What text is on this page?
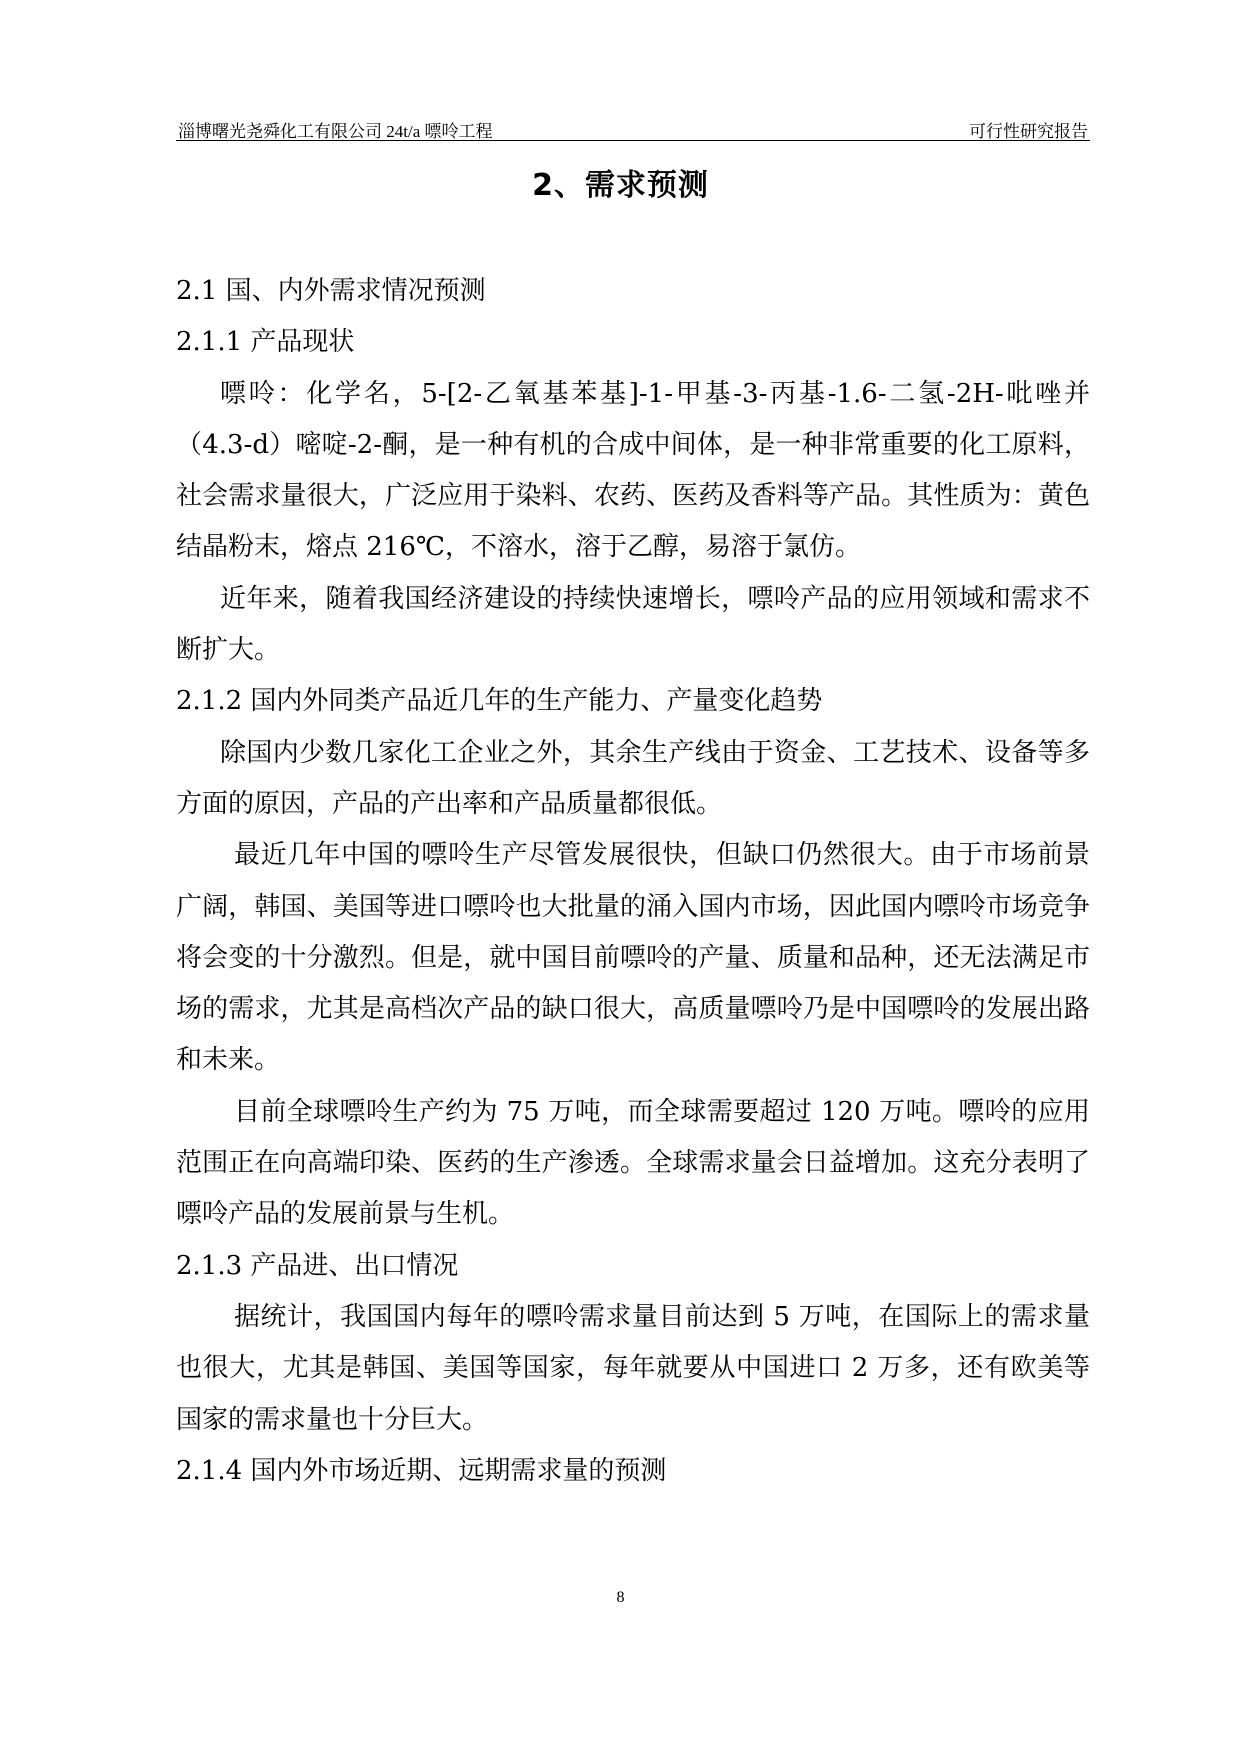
淄博曙光尧舜化工有限公司 24t/a 嘌呤工程	可行性研究报告
2、需求预测
2.1 国、内外需求情况预测
2.1.1 产品现状
嘌呤：化学名，5-[2-乙氧基苯基]-1-甲基-3-丙基-1.6-二氢-2H-吡唑并（4.3-d）嘧啶-2-酮，是一种有机的合成中间体，是一种非常重要的化工原料，社会需求量很大，广泛应用于染料、农药、医药及香料等产品。其性质为：黄色结晶粉末，熔点 216℃，不溶水，溶于乙醇，易溶于氯仿。
近年来，随着我国经济建设的持续快速增长，嘌呤产品的应用领域和需求不断扩大。
2.1.2 国内外同类产品近几年的生产能力、产量变化趋势
除国内少数几家化工企业之外，其余生产线由于资金、工艺技术、设备等多方面的原因，产品的产出率和产品质量都很低。
最近几年中国的嘌呤生产尽管发展很快，但缺口仍然很大。由于市场前景广阔，韩国、美国等进口嘌呤也大批量的涌入国内市场，因此国内嘌呤市场竞争将会变的十分激烈。但是，就中国目前嘌呤的产量、质量和品种，还无法满足市场的需求，尤其是高档次产品的缺口很大，高质量嘌呤乃是中国嘌呤的发展出路和未来。
目前全球嘌呤生产约为 75 万吨，而全球需要超过 120 万吨。嘌呤的应用范围正在向高端印染、医药的生产渗透。全球需求量会日益增加。这充分表明了嘌呤产品的发展前景与生机。
2.1.3 产品进、出口情况
据统计，我国国内每年的嘌呤需求量目前达到 5 万吨，在国际上的需求量也很大，尤其是韩国、美国等国家，每年就要从中国进口 2 万多，还有欧美等国家的需求量也十分巨大。
2.1.4 国内外市场近期、远期需求量的预测
8
